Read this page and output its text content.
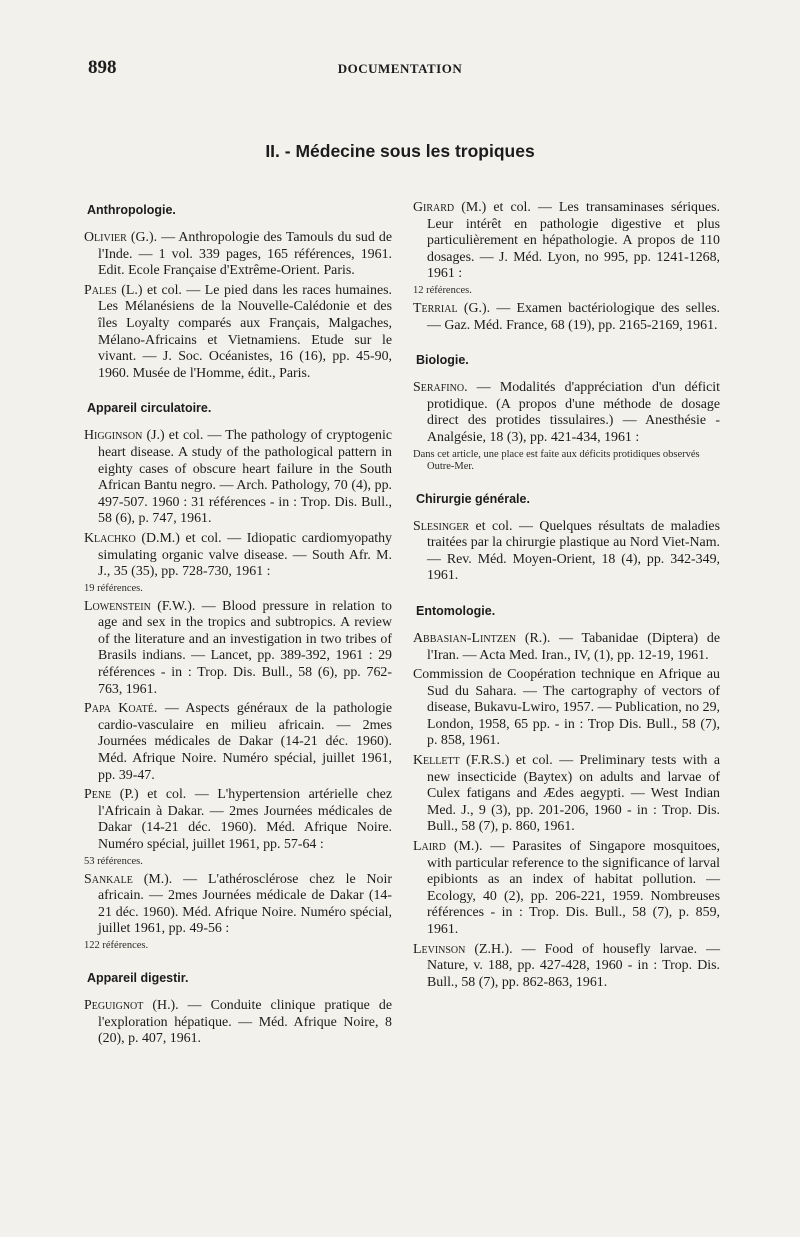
898	DOCUMENTATION
II. - Médecine sous les tropiques
Anthropologie.
Olivier (G.). — Anthropologie des Tamouls du sud de l'Inde. — 1 vol. 339 pages, 165 références, 1961. Edit. Ecole Française d'Extrême-Orient. Paris.
Pales (L.) et col. — Le pied dans les races humaines. Les Mélanésiens de la Nouvelle-Calédonie et des îles Loyalty comparés aux Français, Malgaches, Mélano-Africains et Vietnamiens. Etude sur le vivant. — J. Soc. Océanistes, 16 (16), pp. 45-90, 1960. Musée de l'Homme, édit., Paris.
Appareil circulatoire.
Higginson (J.) et col. — The pathology of cryptogenic heart disease. A study of the pathological pattern in eighty cases of obscure heart failure in the South African Bantu negro. — Arch. Pathology, 70 (4), pp. 497-507. 1960 : 31 références - in : Trop. Dis. Bull., 58 (6), p. 747, 1961.
Klachko (D.M.) et col. — Idiopatic cardiomyopathy simulating organic valve disease. — South Afr. M. J., 35 (35), pp. 728-730, 1961 :
19 références.
Lowenstein (F.W.). — Blood pressure in relation to age and sex in the tropics and subtropics. A review of the literature and an investigation in two tribes of Brasils indians. — Lancet, pp. 389-392, 1961 : 29 références - in : Trop. Dis. Bull., 58 (6), pp. 762-763, 1961.
Papa Koaté. — Aspects généraux de la pathologie cardio-vasculaire en milieu africain. — 2mes Journées médicales de Dakar (14-21 déc. 1960). Méd. Afrique Noire. Numéro spécial, juillet 1961, pp. 39-47.
Pene (P.) et col. — L'hypertension artérielle chez l'Africain à Dakar. — 2mes Journées médicales de Dakar (14-21 déc. 1960). Méd. Afrique Noire. Numéro spécial, juillet 1961, pp. 57-64 :
53 références.
Sankale (M.). — L'athérosclérose chez le Noir africain. — 2mes Journées médicale de Dakar (14-21 déc. 1960). Méd. Afrique Noire. Numéro spécial, juillet 1961, pp. 49-56 :
122 références.
Appareil digestir.
Peguignot (H.). — Conduite clinique pratique de l'exploration hépatique. — Méd. Afrique Noire, 8 (20), p. 407, 1961.
Girard (M.) et col. — Les transaminases sériques. Leur intérêt en pathologie digestive et plus particulièrement en hépathologie. A propos de 110 dosages. — J. Méd. Lyon, no 995, pp. 1241-1268, 1961 :
12 références.
Terrial (G.). — Examen bactériologique des selles. — Gaz. Méd. France, 68 (19), pp. 2165-2169, 1961.
Biologie.
Serafino. — Modalités d'appréciation d'un déficit protidique. (A propos d'une méthode de dosage direct des protides tissulaires.) — Anesthésie - Analgésie, 18 (3), pp. 421-434, 1961 :
Dans cet article, une place est faite aux déficits protidiques observés Outre-Mer.
Chirurgie générale.
Slesinger et col. — Quelques résultats de maladies traitées par la chirurgie plastique au Nord Viet-Nam. — Rev. Méd. Moyen-Orient, 18 (4), pp. 342-349, 1961.
Entomologie.
Abbasian-Lintzen (R.). — Tabanidae (Diptera) de l'Iran. — Acta Med. Iran., IV, (1), pp. 12-19, 1961.
Commission de Coopération technique en Afrique au Sud du Sahara. — The cartography of vectors of disease, Bukavu-Lwiro, 1957. — Publication, no 29, London, 1958, 65 pp. - in : Trop Dis. Bull., 58 (7), p. 858, 1961.
Kellett (F.R.S.) et col. — Preliminary tests with a new insecticide (Baytex) on adults and larvae of Culex fatigans and Ædes aegypti. — West Indian Med. J., 9 (3), pp. 201-206, 1960 - in : Trop. Dis. Bull., 58 (7), p. 860, 1961.
Laird (M.). — Parasites of Singapore mosquitoes, with particular reference to the significance of larval epibionts as an index of habitat pollution. — Ecology, 40 (2), pp. 206-221, 1959. Nombreuses références - in : Trop. Dis. Bull., 58 (7), p. 859, 1961.
Levinson (Z.H.). — Food of housefly larvae. — Nature, v. 188, pp. 427-428, 1960 - in : Trop. Dis. Bull., 58 (7), pp. 862-863, 1961.
